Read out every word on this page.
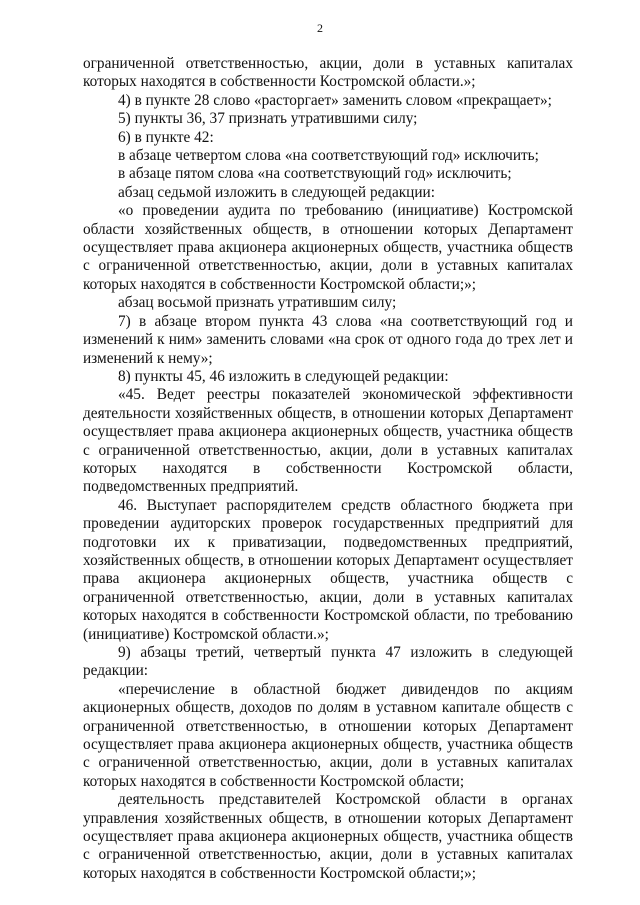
2

ограниченной ответственностью, акции, доли в уставных капиталах которых находятся в собственности Костромской области.»;

4) в пункте 28 слово «расторгает» заменить словом «прекращает»;

5) пункты 36, 37 признать утратившими силу;

6) в пункте 42:

в абзаце четвертом слова «на соответствующий год» исключить;

в абзаце пятом слова «на соответствующий год» исключить;

абзац седьмой изложить в следующей редакции:

«о проведении аудита по требованию (инициативе) Костромской области хозяйственных обществ, в отношении которых Департамент осуществляет права акционера акционерных обществ, участника обществ с ограниченной ответственностью, акции, доли в уставных капиталах которых находятся в собственности Костромской области;»;

абзац восьмой признать утратившим силу;

7) в абзаце втором пункта 43 слова «на соответствующий год и изменений к ним» заменить словами «на срок от одного года до трех лет и изменений к нему»;

8) пункты 45, 46 изложить в следующей редакции:

«45. Ведет реестры показателей экономической эффективности деятельности хозяйственных обществ, в отношении которых Департамент осуществляет права акционера акционерных обществ, участника обществ с ограниченной ответственностью, акции, доли в уставных капиталах которых находятся в собственности Костромской области, подведомственных предприятий.

46. Выступает распорядителем средств областного бюджета при проведении аудиторских проверок государственных предприятий для подготовки их к приватизации, подведомственных предприятий, хозяйственных обществ, в отношении которых Департамент осуществляет права акционера акционерных обществ, участника обществ с ограниченной ответственностью, акции, доли в уставных капиталах которых находятся в собственности Костромской области, по требованию (инициативе) Костромской области.»;

9) абзацы третий, четвертый пункта 47 изложить в следующей редакции:

«перечисление в областной бюджет дивидендов по акциям акционерных обществ, доходов по долям в уставном капитале обществ с ограниченной ответственностью, в отношении которых Департамент осуществляет права акционера акционерных обществ, участника обществ с ограниченной ответственностью, акции, доли в уставных капиталах которых находятся в собственности Костромской области;

деятельность представителей Костромской области в органах управления хозяйственных обществ, в отношении которых Департамент осуществляет права акционера акционерных обществ, участника обществ с ограниченной ответственностью, акции, доли в уставных капиталах которых находятся в собственности Костромской области;»;
